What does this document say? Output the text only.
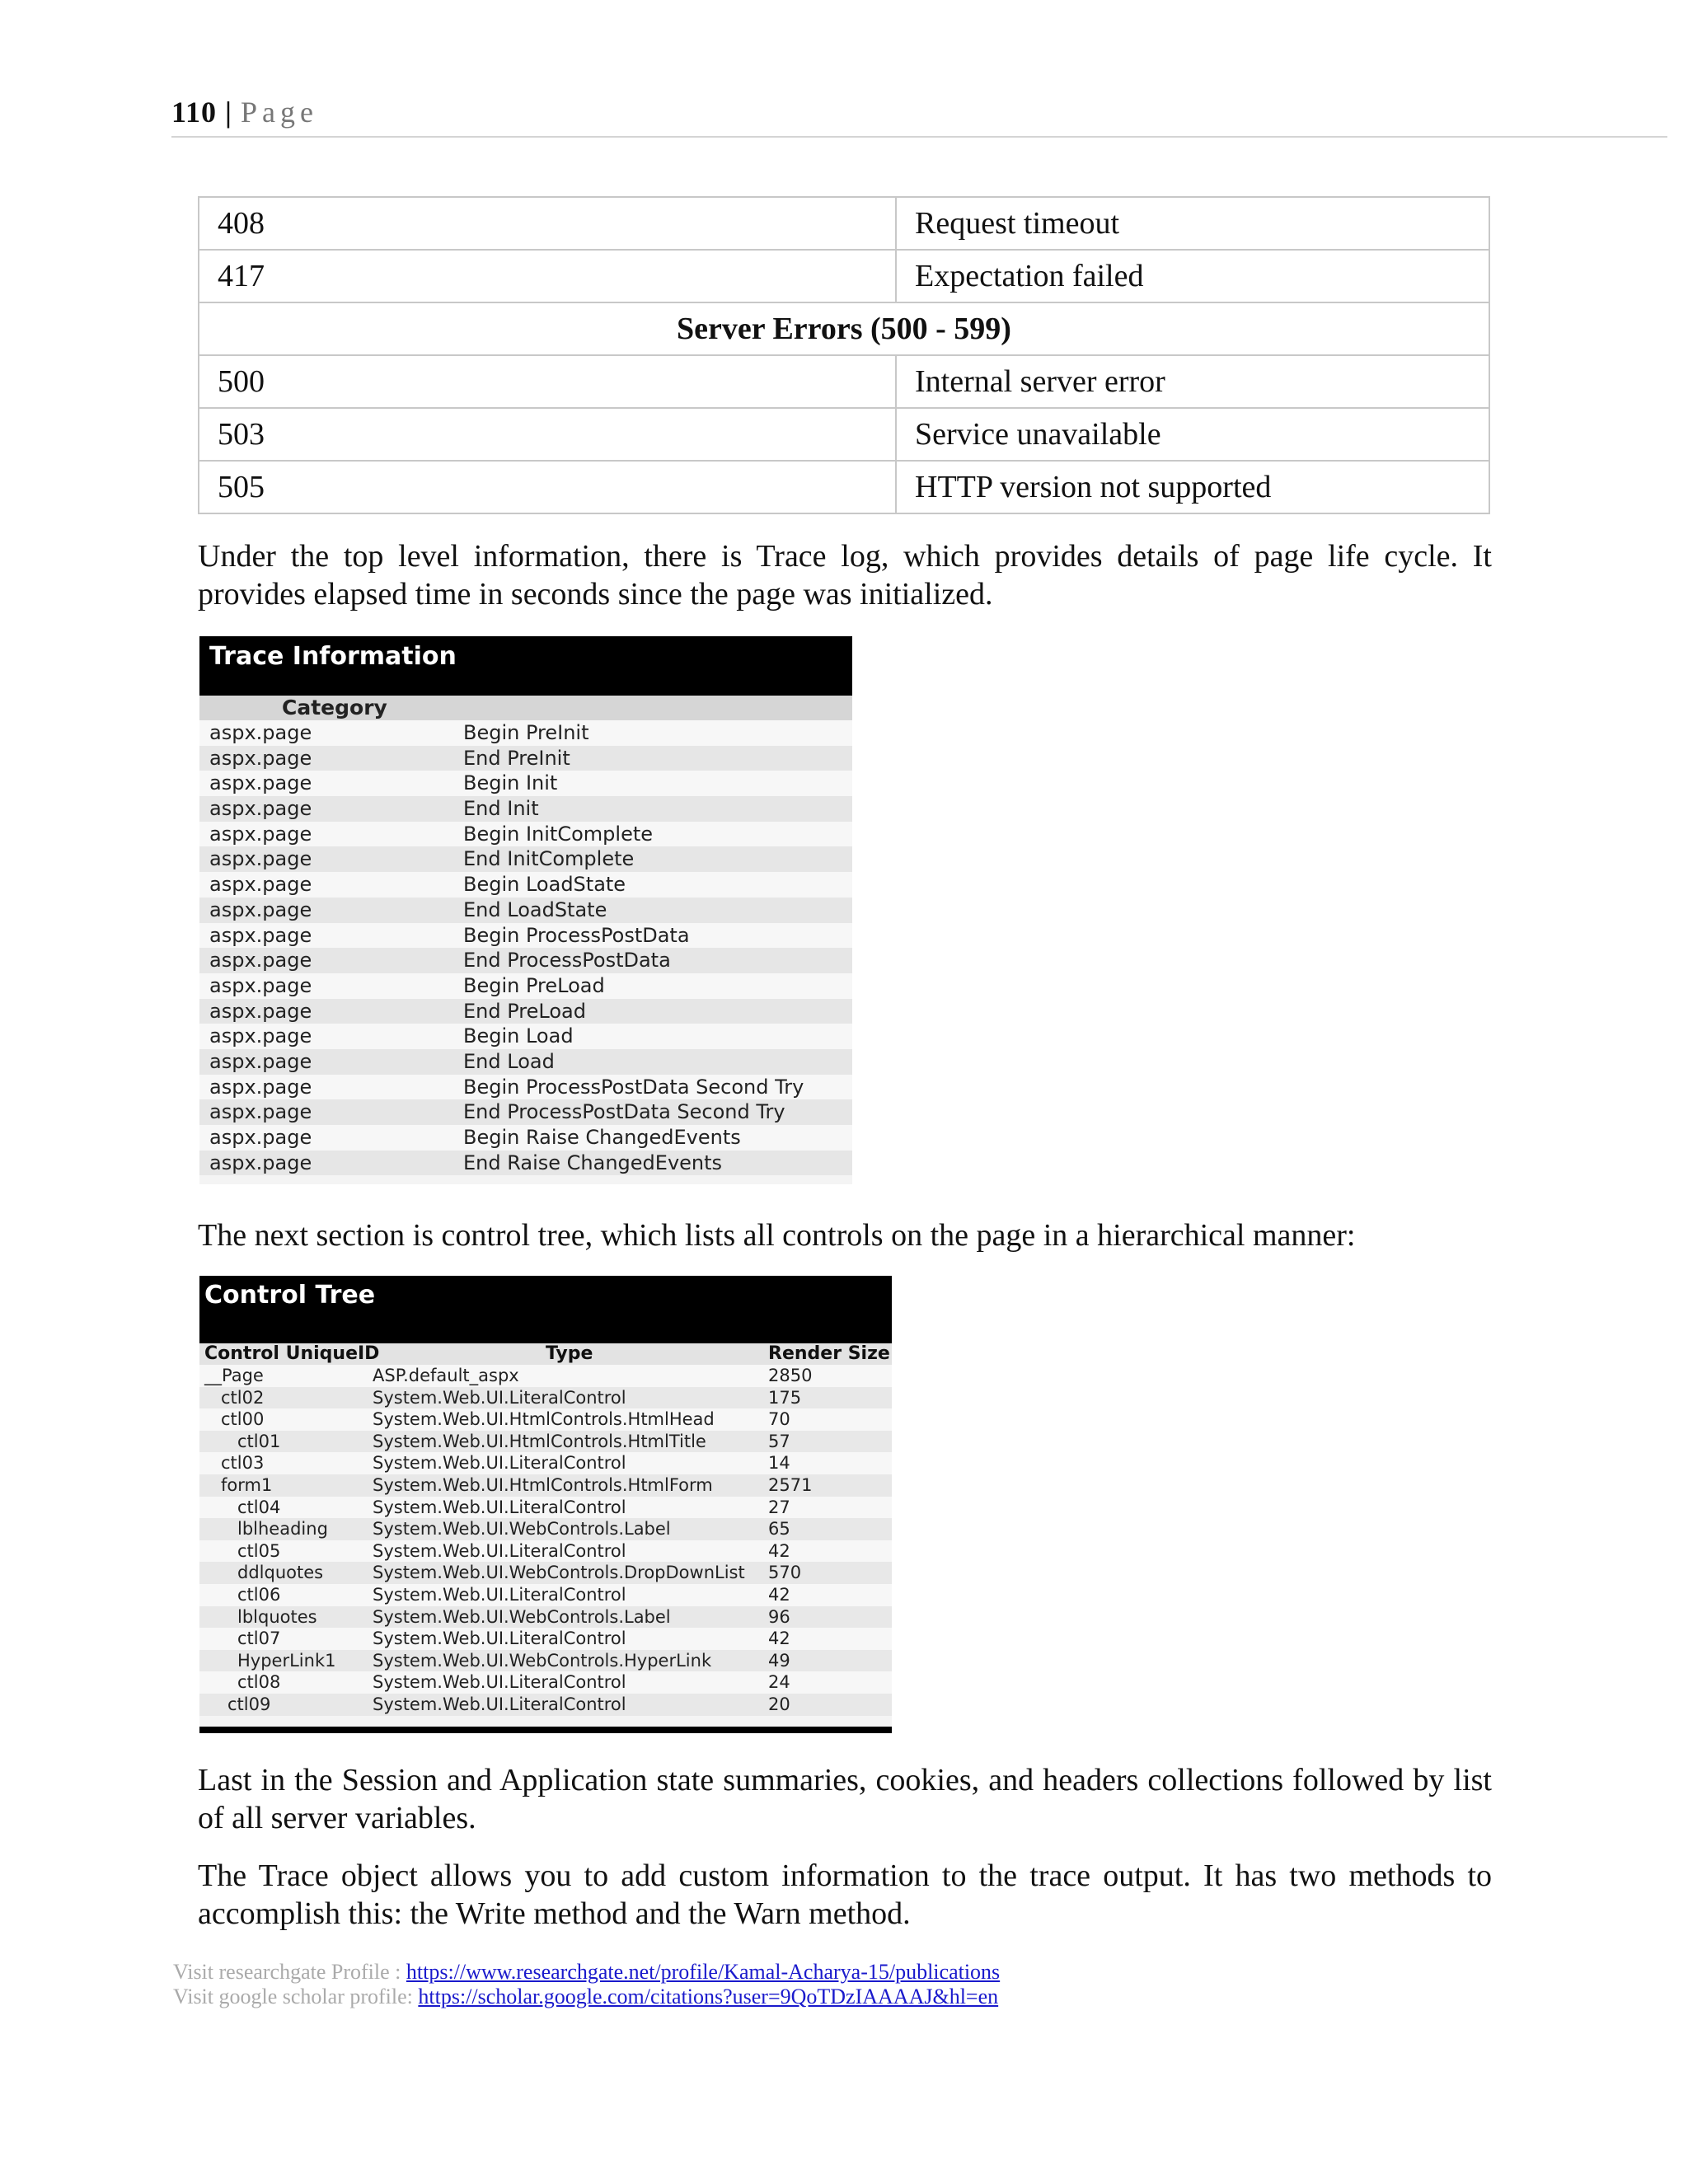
110 | Page
408	Request timeout
417	Expectation failed
Server Errors (500 - 599)	
500	Internal server error
503	Service unavailable
505	HTTP version not supported
Under the top level information, there is Trace log, which provides details of page life cycle. It provides elapsed time in seconds since the page was initialized.
Trace Information
Category
aspx.page	Begin PreInit
aspx.page	End PreInit
aspx.page	Begin Init
aspx.page	End Init
aspx.page	Begin InitComplete
aspx.page	End InitComplete
aspx.page	Begin LoadState
aspx.page	End LoadState
aspx.page	Begin ProcessPostData
aspx.page	End ProcessPostData
aspx.page	Begin PreLoad
aspx.page	End PreLoad
aspx.page	Begin Load
aspx.page	End Load
aspx.page	Begin ProcessPostData Second Try
aspx.page	End ProcessPostData Second Try
aspx.page	Begin Raise ChangedEvents
aspx.page	End Raise ChangedEvents
The next section is control tree, which lists all controls on the page in a hierarchical manner:
Control Tree
Control UniqueID	Type	Render Size
__Page	ASP.default_aspx	2850
ctl02	System.Web.UI.LiteralControl	175
ctl00	System.Web.UI.HtmlControls.HtmlHead	70
ctl01	System.Web.UI.HtmlControls.HtmlTitle	57
ctl03	System.Web.UI.LiteralControl	14
form1	System.Web.UI.HtmlControls.HtmlForm	2571
ctl04	System.Web.UI.LiteralControl	27
lblheading	System.Web.UI.WebControls.Label	65
ctl05	System.Web.UI.LiteralControl	42
ddlquotes	System.Web.UI.WebControls.DropDownList 570
ctl06	System.Web.UI.LiteralControl	42
lblquotes	System.Web.UI.WebControls.Label	96
ctl07	System.Web.UI.LiteralControl	42
HyperLink1 System.Web.UI.WebControls.HyperLink	49
ctl08	System.Web.UI.LiteralControl	24
ctl09	System.Web.UI.LiteralControl	20
Last in the Session and Application state summaries, cookies, and headers collections followed by list of all server variables.
The Trace object allows you to add custom information to the trace output. It has two methods to accomplish this: the Write method and the Warn method.
Visit researchgate Profile : https://www.researchgate.net/profile/Kamal-Acharya-15/publications
Visit google scholar profile: https://scholar.google.com/citations?user=9QoTDzIAAAAJ&hl=en
